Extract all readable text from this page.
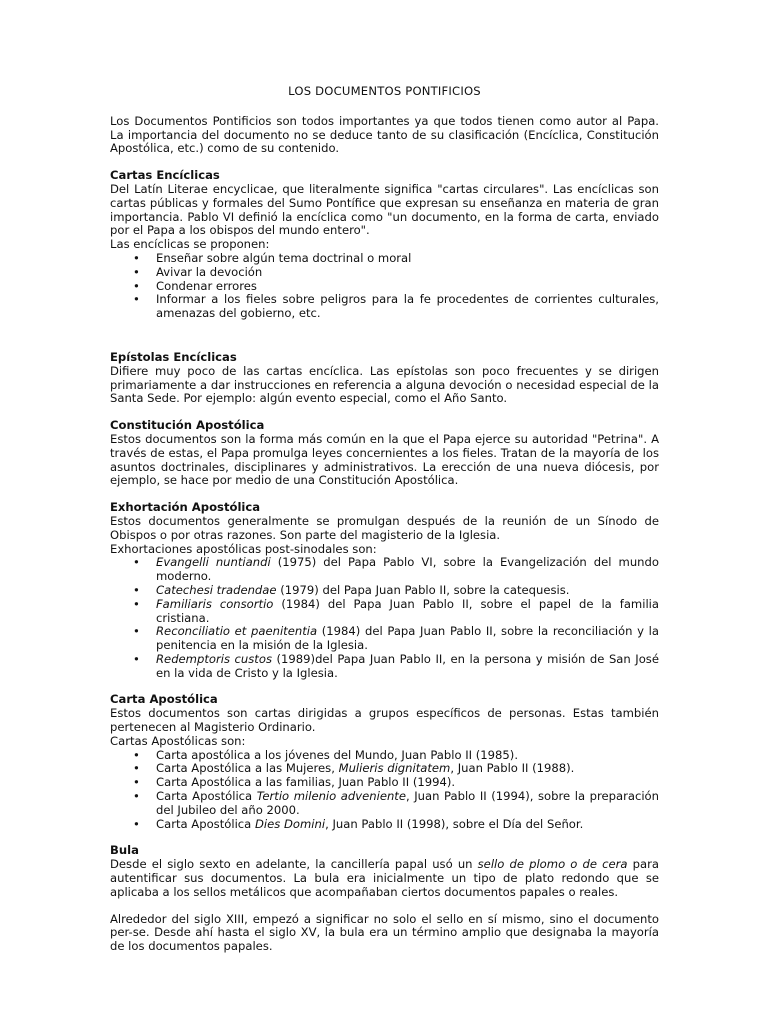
LOS DOCUMENTOS PONTIFICIOS

Los Documentos Pontificios son todos importantes ya que todos tienen como autor al Papa. La importancia del documento no se deduce tanto de su clasificación (Encíclica, Constitución Apostólica, etc.) como de su contenido.

Cartas Encíclicas

Del Latín Literae encyclicae, que literalmente significa "cartas circulares". Las encíclicas son cartas públicas y formales del Sumo Pontífice que expresan su enseñanza en materia de gran importancia. Pablo VI definió la encíclica como "un documento, en la forma de carta, enviado por el Papa a los obispos del mundo entero".

Las encíclicas se proponen:

• Enseñar sobre algún tema doctrinal o moral
• Avivar la devoción
• Condenar errores
• Informar a los fieles sobre peligros para la fe procedentes de corrientes culturales, amenazas del gobierno, etc.
Epístolas Encíclicas

Difiere muy poco de las cartas encíclica. Las epístolas son poco frecuentes y se dirigen primariamente a dar instrucciones en referencia a alguna devoción o necesidad especial de la Santa Sede. Por ejemplo: algún evento especial, como el Año Santo.

Constitución Apostólica

Estos documentos son la forma más común en la que el Papa ejerce su autoridad "Petrina". A través de estas, el Papa promulga leyes concernientes a los fieles. Tratan de la mayoría de los asuntos doctrinales, disciplinares y administrativos. La erección de una nueva diócesis, por ejemplo, se hace por medio de una Constitución Apostólica.

Exhortación Apostólica

Estos documentos generalmente se promulgan después de la reunión de un Sínodo de Obispos o por otras razones. Son parte del magisterio de la Iglesia.

Exhortaciones apostólicas post-sinodales son:

• Evangelli nuntiandi (1975) del Papa Pablo VI, sobre la Evangelización del mundo moderno.
• Catechesi tradendae (1979) del Papa Juan Pablo II, sobre la catequesis.
• Familiaris consortio (1984) del Papa Juan Pablo II, sobre el papel de la familia cristiana.
• Reconciliatio et paenitentia (1984) del Papa Juan Pablo II, sobre la reconciliación y la penitencia en la misión de la Iglesia.
• Redemptoris custos (1989)del Papa Juan Pablo II, en la persona y misión de San José en la vida de Cristo y la Iglesia.
Carta Apostólica

Estos documentos son cartas dirigidas a grupos específicos de personas. Estas también pertenecen al Magisterio Ordinario.

Cartas Apostólicas son:

• Carta apostólica a los jóvenes del Mundo, Juan Pablo II (1985).
• Carta Apostólica a las Mujeres, Mulieris dignitatem, Juan Pablo II (1988).
• Carta Apostólica a las familias, Juan Pablo II (1994).
• Carta Apostólica Tertio milenio adveniente, Juan Pablo II (1994), sobre la preparación del Jubileo del año 2000.
• Carta Apostólica Dies Domini, Juan Pablo II (1998), sobre el Día del Señor.
Bula

Desde el siglo sexto en adelante, la cancillería papal usó un sello de plomo o de cera para autentificar sus documentos. La bula era inicialmente un tipo de plato redondo que se aplicaba a los sellos metálicos que acompañaban ciertos documentos papales o reales.

Alrededor del siglo XIII, empezó a significar no solo el sello en sí mismo, sino el documento per-se. Desde ahí hasta el siglo XV, la bula era un término amplio que designaba la mayoría de los documentos papales.
